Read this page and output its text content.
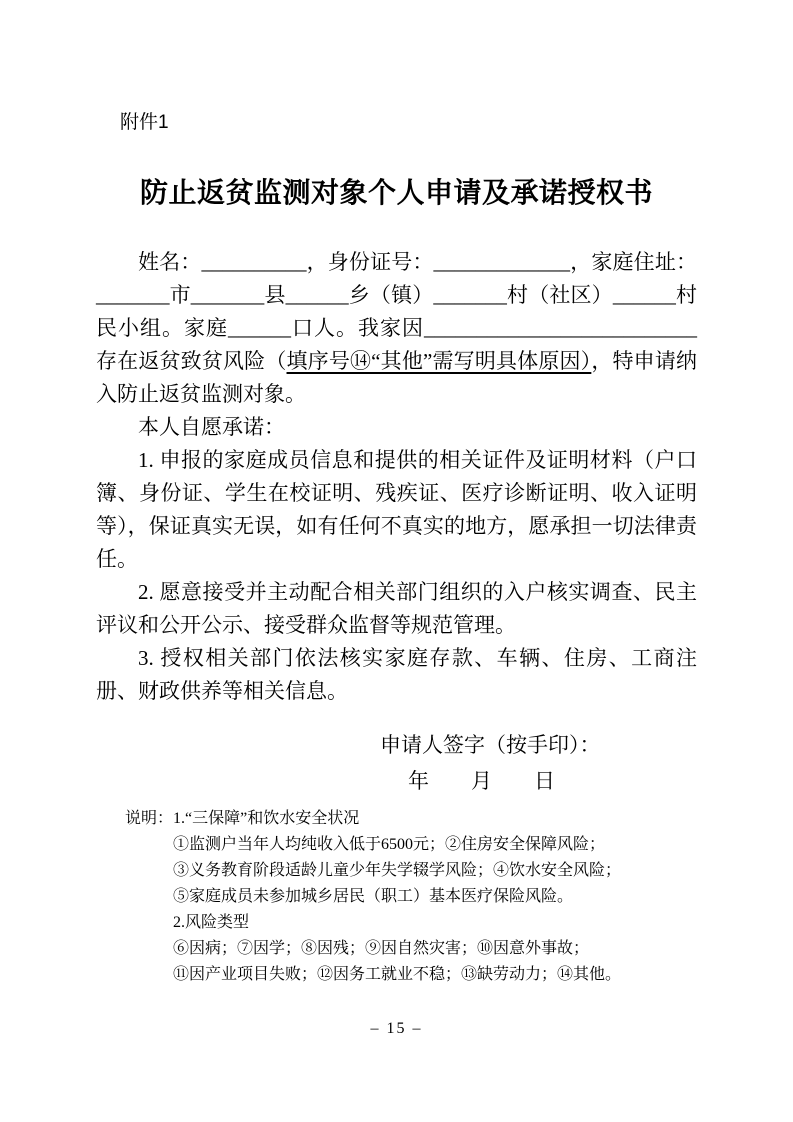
附件1
防止返贫监测对象个人申请及承诺授权书

姓名：__________，身份证号：_____________，家庭住址：_______市_______县______乡（镇）_______村（社区）______村民小组。家庭______口人。我家因__________________________存在返贫致贫风险（填序号⑭“其他”需写明具体原因），特申请纳入防止返贫监测对象。

本人自愿承诺：

1. 申报的家庭成员信息和提供的相关证件及证明材料（户口簿、身份证、学生在校证明、残疾证、医疗诊断证明、收入证明等），保证真实无误，如有任何不真实的地方，愿承担一切法律责任。

2. 愿意接受并主动配合相关部门组织的入户核实调查、民主评议和公开公示、接受群众监督等规范管理。

3. 授权相关部门依法核实家庭存款、车辆、住房、工商注册、财政供养等相关信息。

申请人签字（按手印）：
年　　月　　日
说明： 1.“三保障”和饮水安全状况

①监测户当年人均纯收入低于6500元；②住房安全保障风险；

③义务教育阶段适龄儿童少年失学辍学风险；④饮水安全风险；

⑤家庭成员未参加城乡居民（职工）基本医疗保险风险。

2.风险类型

⑥因病；⑦因学；⑧因残；⑨因自然灾害；⑩因意外事故；

⑪因产业项目失败；⑫因务工就业不稳；⑬缺劳动力；⑭其他。

– 15 –
